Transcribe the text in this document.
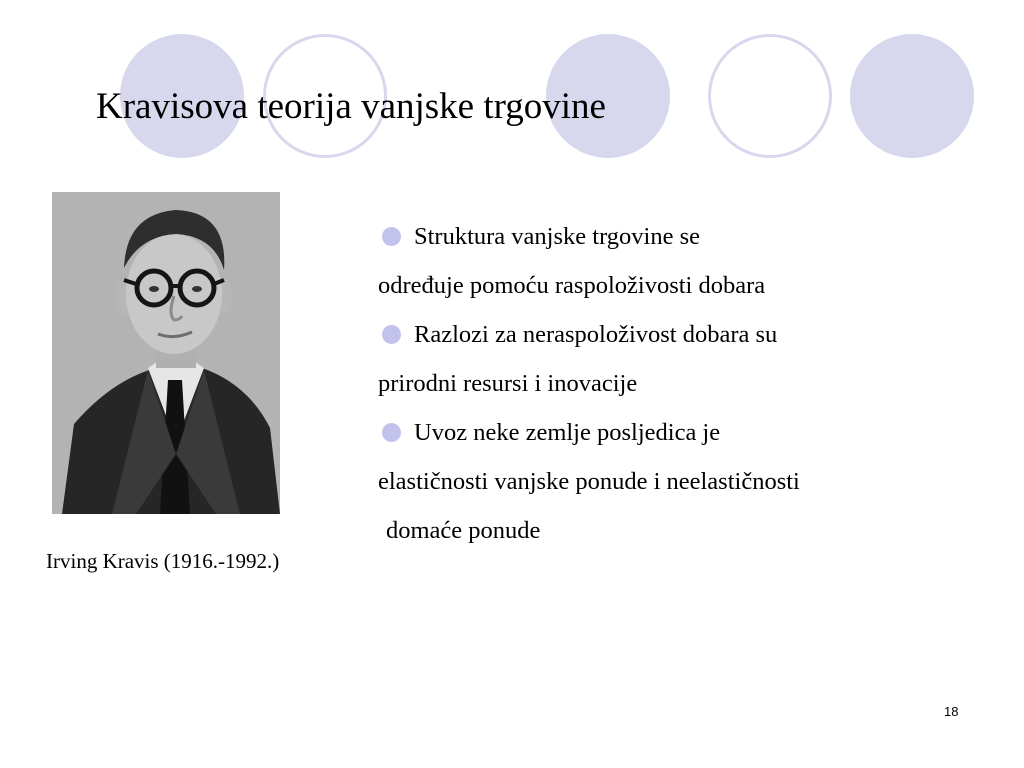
Kravisova teorija vanjske trgovine
Irving Kravis (1916.-1992.)
Struktura vanjske trgovine se
određuje pomoću raspoloživosti dobara
Razlozi za neraspoloživost dobara su
prirodni resursi i inovacije
Uvoz neke zemlje posljedica je
elastičnosti vanjske ponude i neelastičnosti
domaće ponude
18
